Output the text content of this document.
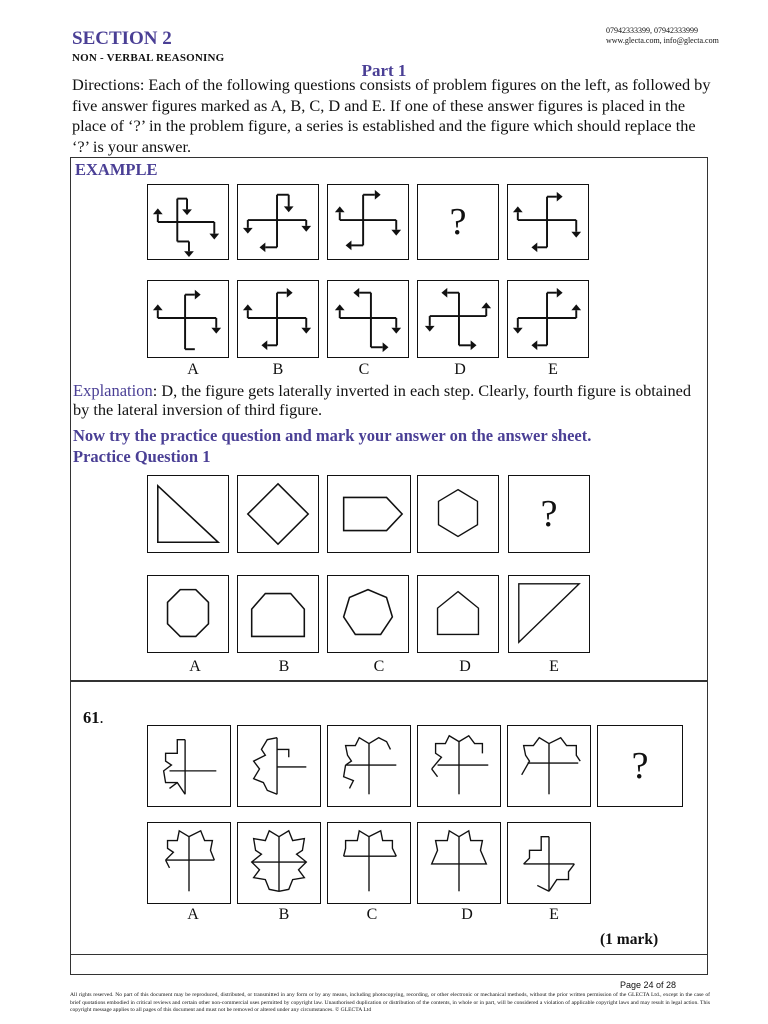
SECTION 2
NON - VERBAL REASONING
07942333399, 07942333999
www.glecta.com, info@glecta.com
Part 1
Directions: Each of the following questions consists of problem figures on the left, as followed by five answer figures marked as A, B, C, D and E. If one of these answer figures is placed in the place of ‘?’ in the problem figure, a series is established and the figure which should replace the ‘?’ is your answer.
EXAMPLE
?
A	B	C	D	E
Explanation: D, the figure gets laterally inverted in each step. Clearly, fourth figure is obtained by the lateral inversion of third figure.
Now try the practice question and mark your answer on the answer sheet.
Practice Question 1
?
A	B	C	D	E
61.
?
A	B	C	D	E
(1 mark)
Page 24 of 28
All rights reserved. No part of this document may be reproduced, distributed, or transmitted in any form or by any means, including photocopying, recording, or other electronic or mechanical methods, without the prior written permission of the GLECTA Ltd., except in the case of brief quotations embodied in critical reviews and certain other non-commercial uses permitted by copyright law. Unauthorised duplication or distribution of the contents, in whole or in part, will be considered a violation of applicable copyright laws and may result in legal action. This copyright message applies to all pages of this document and must not be removed or altered under any circumstances. © GLECTA Ltd
